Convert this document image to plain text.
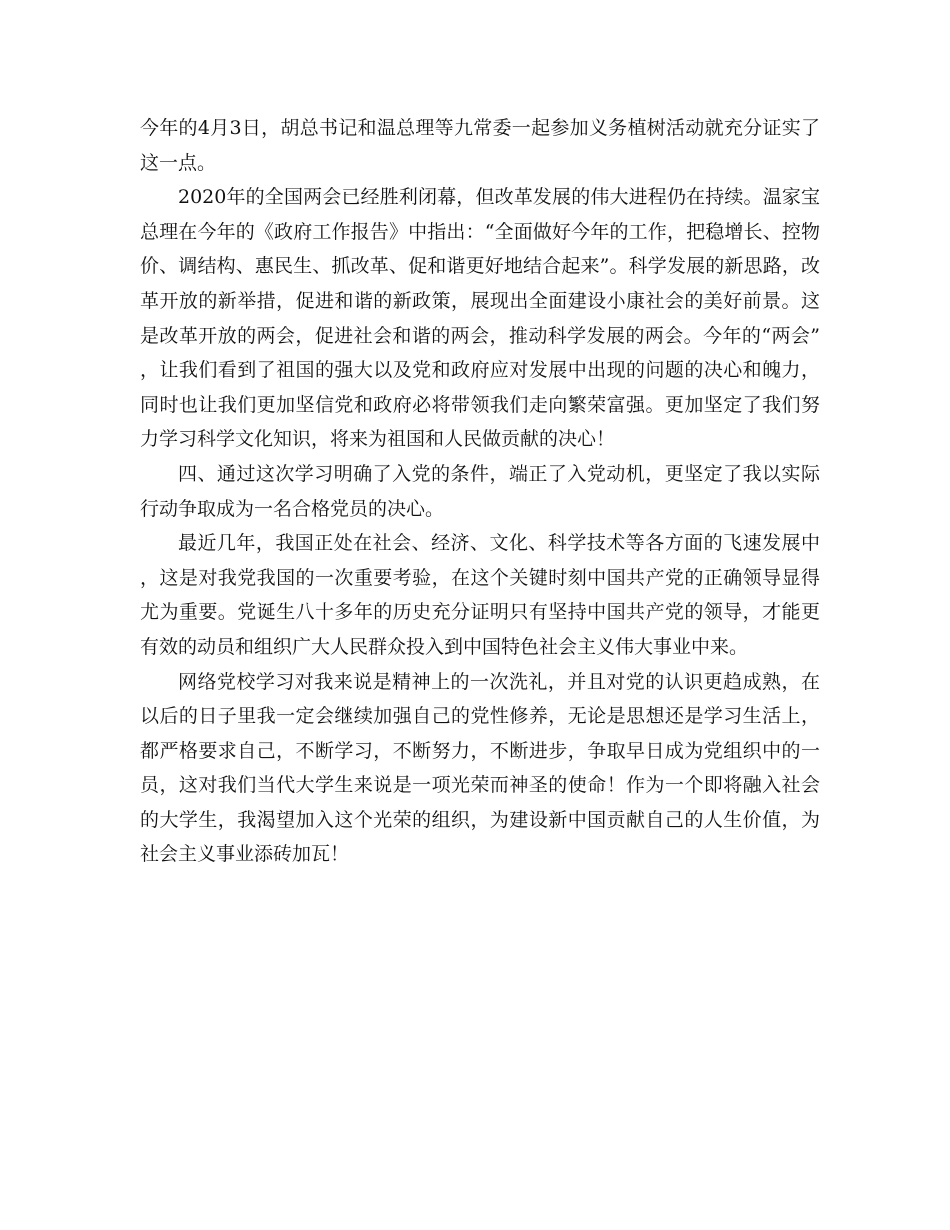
今年的4月3日，胡总书记和温总理等九常委一起参加义务植树活动就充分证实了这一点。

2020年的全国两会已经胜利闭幕，但改革发展的伟大进程仍在持续。温家宝总理在今年的《政府工作报告》中指出：“全面做好今年的工作，把稳增长、控物价、调结构、惠民生、抓改革、促和谐更好地结合起来”。科学发展的新思路，改革开放的新举措，促进和谐的新政策，展现出全面建设小康社会的美好前景。这是改革开放的两会，促进社会和谐的两会，推动科学发展的两会。今年的“两会”，让我们看到了祖国的强大以及党和政府应对发展中出现的问题的决心和魄力，同时也让我们更加坚信党和政府必将带领我们走向繁荣富强。更加坚定了我们努力学习科学文化知识，将来为祖国和人民做贡献的决心！

四、通过这次学习明确了入党的条件，端正了入党动机，更坚定了我以实际行动争取成为一名合格党员的决心。

最近几年，我国正处在社会、经济、文化、科学技术等各方面的飞速发展中，这是对我党我国的一次重要考验，在这个关键时刻中国共产党的正确领导显得尤为重要。党诞生八十多年的历史充分证明只有坚持中国共产党的领导，才能更有效的动员和组织广大人民群众投入到中国特色社会主义伟大事业中来。

网络党校学习对我来说是精神上的一次洗礼，并且对党的认识更趋成熟，在以后的日子里我一定会继续加强自己的党性修养，无论是思想还是学习生活上，都严格要求自己，不断学习，不断努力，不断进步，争取早日成为党组织中的一员，这对我们当代大学生来说是一项光荣而神圣的使命！作为一个即将融入社会的大学生，我渴望加入这个光荣的组织，为建设新中国贡献自己的人生价值，为社会主义事业添砖加瓦！
